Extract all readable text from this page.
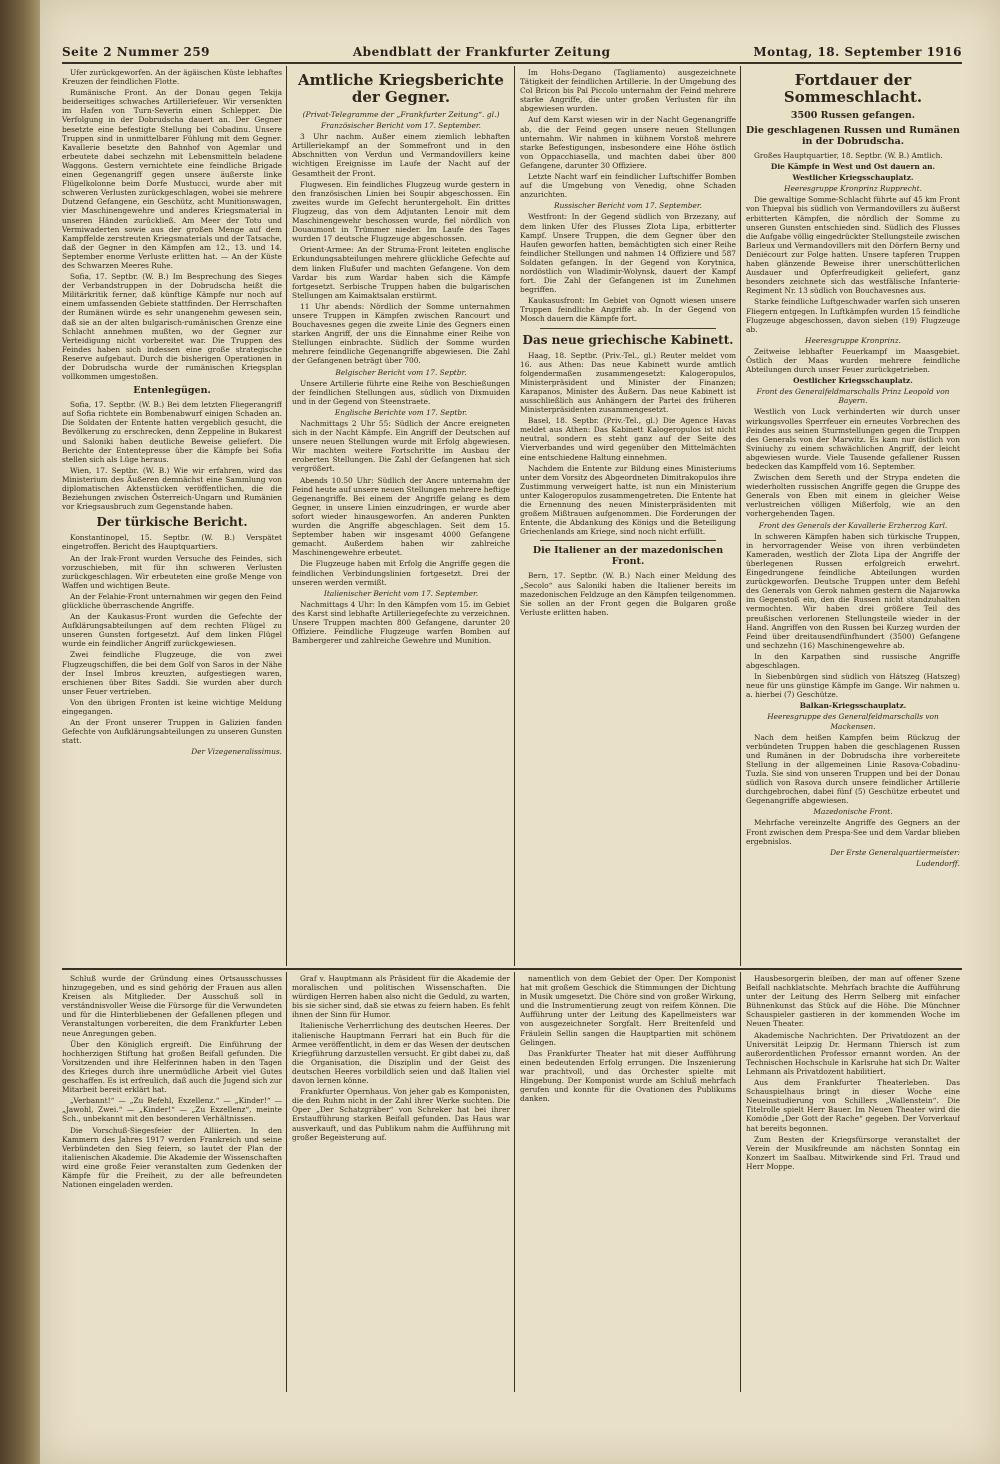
Seite 2 Nummer 259	Abendblatt der Frankfurter Zeitung	Montag, 18. September 1916

Ufer zurückgeworfen. An der ägäischen Küste lebhaftes Kreuzen der feindlichen Flotte.

Rumänische Front. An der Donau gegen Tekija beiderseitiges schwaches Artilleriefeuer. Wir versenkten im Hafen von Turn-Severin einen Schlepper. Die Verfolgung in der Dobrudscha dauert an. Der Gegner besetzte eine befestigte Stellung bei Cobadinu. Unsere Truppen sind in unmittelbarer Fühlung mit dem Gegner. Kavallerie besetzte den Bahnhof von Agemlar und erbeutete dabei sechzehn mit Lebensmitteln beladene Waggons. Gestern vernichtete eine feindliche Brigade einen Gegenangriff gegen unsere äußerste linke Flügelkolonne beim Dorfe Mustucci, wurde aber mit schweren Verlusten zurückgeschlagen, wobei sie mehrere Dutzend Gefangene, ein Geschütz, acht Munitionswagen, vier Maschinengewehre und anderes Kriegsmaterial in unseren Händen zurückließ. Am Meer der Totu und Vermiwaderten sowie aus der großen Menge auf dem Kampffelde zerstreuten Kriegsmaterials und der Tatsache, daß der Gegner in den Kämpfen am 12., 13. und 14. September enorme Verluste erlitten hat. — An der Küste des Schwarzen Meeres Ruhe.

Sofia, 17. Septbr. (W. B.) Im Besprechung des Sieges der Verbandstruppen in der Dobrudscha heißt die Militärkritik ferner, daß künftige Kämpfe nur noch auf einem umfassenden Gebiete stattfinden. Der Herrschaften der Rumänen würde es sehr unangenehm gewesen sein, daß sie an der alten bulgarisch-rumänischen Grenze eine Schlacht annehmen mußten, wo der Gegner zur Verteidigung nicht vorbereitet war. Die Truppen des Feindes haben sich indessen eine große strategische Reserve aufgebaut. Durch die bisherigen Operationen in der Dobrudscha wurde der rumänischen Kriegsplan vollkommen umgestoßen.

Entenlegügen.

Sofia, 17. Septbr. (W. B.) Bei dem letzten Fliegerangriff auf Sofia richtete ein Bombenabwurf einigen Schaden an. Die Soldaten der Entente hatten vergeblich gesucht, die Bevölkerung zu erschrecken, denn Zeppeline in Bukarest und Saloniki haben deutliche Beweise geliefert. Die Berichte der Ententepresse über die Kämpfe bei Sofia stellen sich als Lüge heraus.

Wien, 17. Septbr. (W. B.) Wie wir erfahren, wird das Ministerium des Äußeren demnächst eine Sammlung von diplomatischen Aktenstücken veröffentlichen, die die Beziehungen zwischen Österreich-Ungarn und Rumänien vor Kriegsausbruch zum Gegenstande haben.

Der türkische Bericht.

Konstantinopel, 15. Septbr. (W. B.) Verspätet eingetroffen. Bericht des Hauptquartiers.

An der Irak-Front wurden Versuche des Feindes, sich vorzuschieben, mit für ihn schweren Verlusten zurückgeschlagen. Wir erbeuteten eine große Menge von Waffen und wichtigen Beute.

An der Felahie-Front unternahmen wir gegen den Feind glückliche überraschende Angriffe.

An der Kaukasus-Front wurden die Gefechte der Aufklärungsabteilungen auf dem rechten Flügel zu unseren Gunsten fortgesetzt. Auf dem linken Flügel wurde ein feindlicher Angriff zurückgewiesen.

Zwei feindliche Flugzeuge, die von zwei Flugzeugschiffen, die bei dem Golf von Saros in der Nähe der Insel Imbros kreuzten, aufgestiegen waren, erschienen über Bites Saddi. Sie wurden aber durch unser Feuer vertrieben.

Von den übrigen Fronten ist keine wichtige Meldung eingegangen.

An der Front unserer Truppen in Galizien fanden Gefechte von Aufklärungsabteilungen zu unseren Gunsten statt.

Der Vizegeneralissimus.

Amtliche Kriegsberichte der Gegner.

(Privat-Telegramme der „Frankfurter Zeitung“. gl.)

Französischer Bericht vom 17. September.

3 Uhr nachm. Außer einem ziemlich lebhaften Artilleriekampf an der Sommefront und in den Abschnitten von Verdun und Vermandovillers keine wichtigen Ereignisse im Laufe der Nacht auf der Gesamtheit der Front.

Flugwesen. Ein feindliches Flugzeug wurde gestern in den französischen Linien bei Soupir abgeschossen. Ein zweites wurde im Gefecht heruntergeholt. Ein drittes Flugzeug, das von dem Adjutanten Lenoir mit dem Maschinengewehr beschossen wurde, fiel nördlich von Douaumont in Trümmer nieder. Im Laufe des Tages wurden 17 deutsche Flugzeuge abgeschossen.

Orient-Armee: An der Struma-Front leiteten englische Erkundungsabteilungen mehrere glückliche Gefechte auf dem linken Flußufer und machten Gefangene. Von dem Vardar bis zum Wardar haben sich die Kämpfe fortgesetzt. Serbische Truppen haben die bulgarischen Stellungen am Kaimaktsalan erstürmt.

11 Uhr abends: Nördlich der Somme unternahmen unsere Truppen in Kämpfen zwischen Rancourt und Bouchavesnes gegen die zweite Linie des Gegners einen starken Angriff, der uns die Einnahme einer Reihe von Stellungen einbrachte. Südlich der Somme wurden mehrere feindliche Gegenangriffe abgewiesen. Die Zahl der Gefangenen beträgt über 700.

Belgischer Bericht vom 17. Septbr.

Unsere Artillerie führte eine Reihe von Beschießungen der feindlichen Stellungen aus, südlich von Dixmuiden und in der Gegend von Steenstraete.

Englische Berichte vom 17. Septbr.

Nachmittags 2 Uhr 55: Südlich der Ancre ereigneten sich in der Nacht Kämpfe. Ein Angriff der Deutschen auf unsere neuen Stellungen wurde mit Erfolg abgewiesen. Wir machten weitere Fortschritte im Ausbau der eroberten Stellungen. Die Zahl der Gefangenen hat sich vergrößert.

Abends 10.50 Uhr: Südlich der Ancre unternahm der Feind heute auf unsere neuen Stellungen mehrere heftige Gegenangriffe. Bei einem der Angriffe gelang es dem Gegner, in unsere Linien einzudringen, er wurde aber sofort wieder hinausgeworfen. An anderen Punkten wurden die Angriffe abgeschlagen. Seit dem 15. September haben wir insgesamt 4000 Gefangene gemacht. Außerdem haben wir zahlreiche Maschinengewehre erbeutet.

Die Flugzeuge haben mit Erfolg die Angriffe gegen die feindlichen Verbindungslinien fortgesetzt. Drei der unseren werden vermißt.

Italienischer Bericht vom 17. September.

Nachmittags 4 Uhr: In den Kämpfen vom 15. im Gebiet des Karst sind lebhafte Artilleriegefechte zu verzeichnen. Unsere Truppen machten 800 Gefangene, darunter 20 Offiziere. Feindliche Flugzeuge warfen Bomben auf Bambergerer und zahlreiche Gewehre und Munition.

Im Hohs-Degano (Tagliamento) ausgezeichnete Tätigkeit der feindlichen Artillerie. In der Umgebung des Col Bricon bis Pal Piccolo unternahm der Feind mehrere starke Angriffe, die unter großen Verlusten für ihn abgewiesen wurden.

Auf dem Karst wiesen wir in der Nacht Gegenangriffe ab, die der Feind gegen unsere neuen Stellungen unternahm. Wir nahmen in kühnem Vorstoß mehrere starke Befestigungen, insbesondere eine Höhe östlich von Oppacchiasella, und machten dabei über 800 Gefangene, darunter 30 Offiziere.

Letzte Nacht warf ein feindlicher Luftschiffer Bomben auf die Umgebung von Venedig, ohne Schaden anzurichten.

Russischer Bericht vom 17. September.

Westfront: In der Gegend südlich von Brzezany, auf dem linken Ufer des Flusses Zlota Lipa, erbitterter Kampf. Unsere Truppen, die dem Gegner über den Haufen geworfen hatten, bemächtigten sich einer Reihe feindlicher Stellungen und nahmen 14 Offiziere und 587 Soldaten gefangen. In der Gegend von Korytnica, nordöstlich von Wladimir-Wolynsk, dauert der Kampf fort. Die Zahl der Gefangenen ist im Zunehmen begriffen.

Kaukasusfront: Im Gebiet von Ognott wiesen unsere Truppen feindliche Angriffe ab. In der Gegend von Mosch dauern die Kämpfe fort.

Das neue griechische Kabinett.

Haag, 18. Septbr. (Priv.-Tel., gl.) Reuter meldet vom 16. aus Athen: Das neue Kabinett wurde amtlich folgendermaßen zusammengesetzt: Kalogeropulos, Ministerpräsident und Minister der Finanzen; Karapanos, Minister des Äußern. Das neue Kabinett ist ausschließlich aus Anhängern der Partei des früheren Ministerpräsidenten zusammengesetzt.

Basel, 18. Septbr. (Priv.-Tel., gl.) Die Agence Havas meldet aus Athen: Das Kabinett Kalogeropulos ist nicht neutral, sondern es steht ganz auf der Seite des Vierverbandes und wird gegenüber den Mittelmächten eine entschiedene Haltung einnehmen.

Nachdem die Entente zur Bildung eines Ministeriums unter dem Vorsitz des Abgeordneten Dimitrakopulos ihre Zustimmung verweigert hatte, ist nun ein Ministerium unter Kalogeropulos zusammengetreten. Die Entente hat die Ernennung des neuen Ministerpräsidenten mit großem Mißtrauen aufgenommen. Die Forderungen der Entente, die Abdankung des Königs und die Beteiligung Griechenlands am Kriege, sind noch nicht erfüllt.

Die Italiener an der mazedonischen Front.

Bern, 17. Septbr. (W. B.) Nach einer Meldung des „Secolo“ aus Saloniki haben die Italiener bereits im mazedonischen Feldzuge an den Kämpfen teilgenommen. Sie sollen an der Front gegen die Bulgaren große Verluste erlitten haben.

Fortdauer der Sommeschlacht.
3500 Russen gefangen.
Die geschlagenen Russen und Rumänen in der Dobrudscha.

Großes Hauptquartier, 18. Septbr. (W. B.) Amtlich.

Die Kämpfe in West und Ost dauern an.

Westlicher Kriegsschauplatz.

Heeresgruppe Kronprinz Rupprecht.

Die gewaltige Somme-Schlacht führte auf 45 km Front von Thiepval bis südlich von Vermandovillers zu äußerst erbitterten Kämpfen, die nördlich der Somme zu unseren Gunsten entschieden sind. Südlich des Flusses die Aufgabe völlig eingedrückter Stellungsteile zwischen Barleux und Vermandovillers mit den Dörfern Berny und Deniécourt zur Folge hatten. Unsere tapferen Truppen haben glänzende Beweise ihrer unerschütterlichen Ausdauer und Opferfreudigkeit geliefert, ganz besonders zeichnete sich das westfälische Infanterie-Regiment Nr. 13 südlich von Bouchavesnes aus.

Starke feindliche Luftgeschwader warfen sich unseren Fliegern entgegen. In Luftkämpfen wurden 15 feindliche Flugzeuge abgeschossen, davon sieben (19) Flugzeuge ab.

Heeresgruppe Kronprinz.

Zeitweise lebhafter Feuerkampf im Maasgebiet. Östlich der Maas wurden mehrere feindliche Abteilungen durch unser Feuer zurückgetrieben.

Oestlicher Kriegsschauplatz.

Front des Generalfeldmarschalls Prinz Leopold von Bayern.

Westlich von Luck verhinderten wir durch unser wirkungsvolles Sperrfeuer ein erneutes Vorbrechen des Feindes aus seinen Sturmstellungen gegen die Truppen des Generals von der Marwitz. Es kam nur östlich von Sviniuchy zu einem schwächlichen Angriff, der leicht abgewiesen wurde. Viele Tausende gefallener Russen bedecken das Kampffeld vom 16. September.

Zwischen dem Sereth und der Strypa endeten die wiederholten russischen Angriffe gegen die Gruppe des Generals von Eben mit einem in gleicher Weise verlustreichen völligen Mißerfolg, wie an den vorhergehenden Tagen.

Front des Generals der Kavallerie Erzherzog Karl.

In schweren Kämpfen haben sich türkische Truppen, in hervorragender Weise von ihren verbündeten Kameraden, westlich der Zlota Lipa der Angriffe der überlegenen Russen erfolgreich erwehrt. Eingedrungene feindliche Abteilungen wurden zurückgeworfen. Deutsche Truppen unter dem Befehl des Generals von Gerok nahmen gestern die Najarowka im Gegenstoß ein, den die Russen nicht standzuhalten vermochten. Wir haben drei größere Teil des preußischen verlorenen Stellungsteile wieder in der Hand. Angriffen von den Russen bei Kurzeg wurden der Feind über dreitausendfünfhundert (3500) Gefangene und sechzehn (16) Maschinengewehre ab.

In den Karpathen sind russische Angriffe abgeschlagen.

In Siebenbürgen sind südlich von Hátszeg (Hatszeg) neue für uns günstige Kämpfe im Gange. Wir nahmen u. a. hierbei (7) Geschütze.

Balkan-Kriegsschauplatz.

Heeresgruppe des Generalfeldmarschalls von Mackensen.

Nach dem heißen Kampfen beim Rückzug der verbündeten Truppen haben die geschlagenen Russen und Rumänen in der Dobrudscha ihre vorbereitete Stellung in der allgemeinen Linie Rasova-Cobadinu-Tuzla. Sie sind von unseren Truppen und bei der Donau südlich von Rasova durch unsere feindlicher Artillerie durchgebrochen, dabei fünf (5) Geschütze erbeutet und Gegenangriffe abgewiesen.

Mazedonische Front.

Mehrfache vereinzelte Angriffe des Gegners an der Front zwischen dem Prespa-See und dem Vardar blieben ergebnislos.

Der Erste Generalquartiermeister:

Ludendorff.

Schluß wurde der Gründung eines Ortsausschusses hinzugegeben, und es sind gehörig der Frauen aus allen Kreisen als Mitglieder. Der Ausschuß soll in verständnisvoller Weise die Fürsorge für die Verwundeten und für die Hinterbliebenen der Gefallenen pflegen und Veranstaltungen vorbereiten, die dem Frankfurter Leben neue Anregungen geben.

Über den Königlich ergreift. Die Einführung der hochherzigen Stiftung hat großen Beifall gefunden. Die Vorsitzenden und ihre Helferinnen haben in den Tagen des Krieges durch ihre unermüdliche Arbeit viel Gutes geschaffen. Es ist erfreulich, daß auch die Jugend sich zur Mitarbeit bereit erklärt hat.

„Verbannt!“ — „Zu Befehl, Exzellenz.“ — „Kinder!“ — „Jawohl, Zwei.“ — „Kinder!“ — „Zu Exzellenz“, meinte Sch., unbekannt mit den besonderen Verhältnissen.

Die Vorschuß-Siegesfeier der Alliierten. In den Kammern des Jahres 1917 werden Frankreich und seine Verbündeten den Sieg feiern, so lautet der Plan der italienischen Akademie. Die Akademie der Wissenschaften wird eine große Feier veranstalten zum Gedenken der Kämpfe für die Freiheit, zu der alle befreundeten Nationen eingeladen werden.

Graf v. Hauptmann als Präsident für die Akademie der moralischen und politischen Wissenschaften. Die würdigen Herren haben also nicht die Geduld, zu warten, bis sie sicher sind, daß sie etwas zu feiern haben. Es fehlt ihnen der Sinn für Humor.

Italienische Verherrlichung des deutschen Heeres. Der italienische Hauptmann Ferrari hat ein Buch für die Armee veröffentlicht, in dem er das Wesen der deutschen Kriegführung darzustellen versucht. Er gibt dabei zu, daß die Organisation, die Disziplin und der Geist des deutschen Heeres vorbildlich seien und daß Italien viel davon lernen könne.

Frankfurter Opernhaus. Von jeher gab es Komponisten, die den Ruhm nicht in der Zahl ihrer Werke suchten. Die Oper „Der Schatzgräber“ von Schreker hat bei ihrer Erstaufführung starken Beifall gefunden. Das Haus war ausverkauft, und das Publikum nahm die Aufführung mit großer Begeisterung auf.

namentlich von dem Gebiet der Oper. Der Komponist hat mit großem Geschick die Stimmungen der Dichtung in Musik umgesetzt. Die Chöre sind von großer Wirkung, und die Instrumentierung zeugt von reifem Können. Die Aufführung unter der Leitung des Kapellmeisters war von ausgezeichneter Sorgfalt. Herr Breitenfeld und Fräulein Sellin sangen die Hauptpartien mit schönem Gelingen.

Das Frankfurter Theater hat mit dieser Aufführung einen bedeutenden Erfolg errungen. Die Inszenierung war prachtvoll, und das Orchester spielte mit Hingebung. Der Komponist wurde am Schluß mehrfach gerufen und konnte für die Ovationen des Publikums danken.

Hausbesorgerin bleiben, der man auf offener Szene Beifall nachklatschte. Mehrfach brachte die Aufführung unter der Leitung des Herrn Selberg mit einfacher Bühnenkunst das Stück auf die Höhe. Die Münchner Schauspieler gastieren in der kommenden Woche im Neuen Theater.

Akademische Nachrichten. Der Privatdozent an der Universität Leipzig Dr. Hermann Thiersch ist zum außerordentlichen Professor ernannt worden. An der Technischen Hochschule in Karlsruhe hat sich Dr. Walter Lehmann als Privatdozent habilitiert.

Aus dem Frankfurter Theaterleben. Das Schauspielhaus bringt in dieser Woche eine Neueinstudierung von Schillers „Wallenstein“. Die Titelrolle spielt Herr Bauer. Im Neuen Theater wird die Komödie „Der Gott der Rache“ gegeben. Der Vorverkauf hat bereits begonnen.

Zum Besten der Kriegsfürsorge veranstaltet der Verein der Musikfreunde am nächsten Sonntag ein Konzert im Saalbau. Mitwirkende sind Frl. Traud und Herr Moppe.
